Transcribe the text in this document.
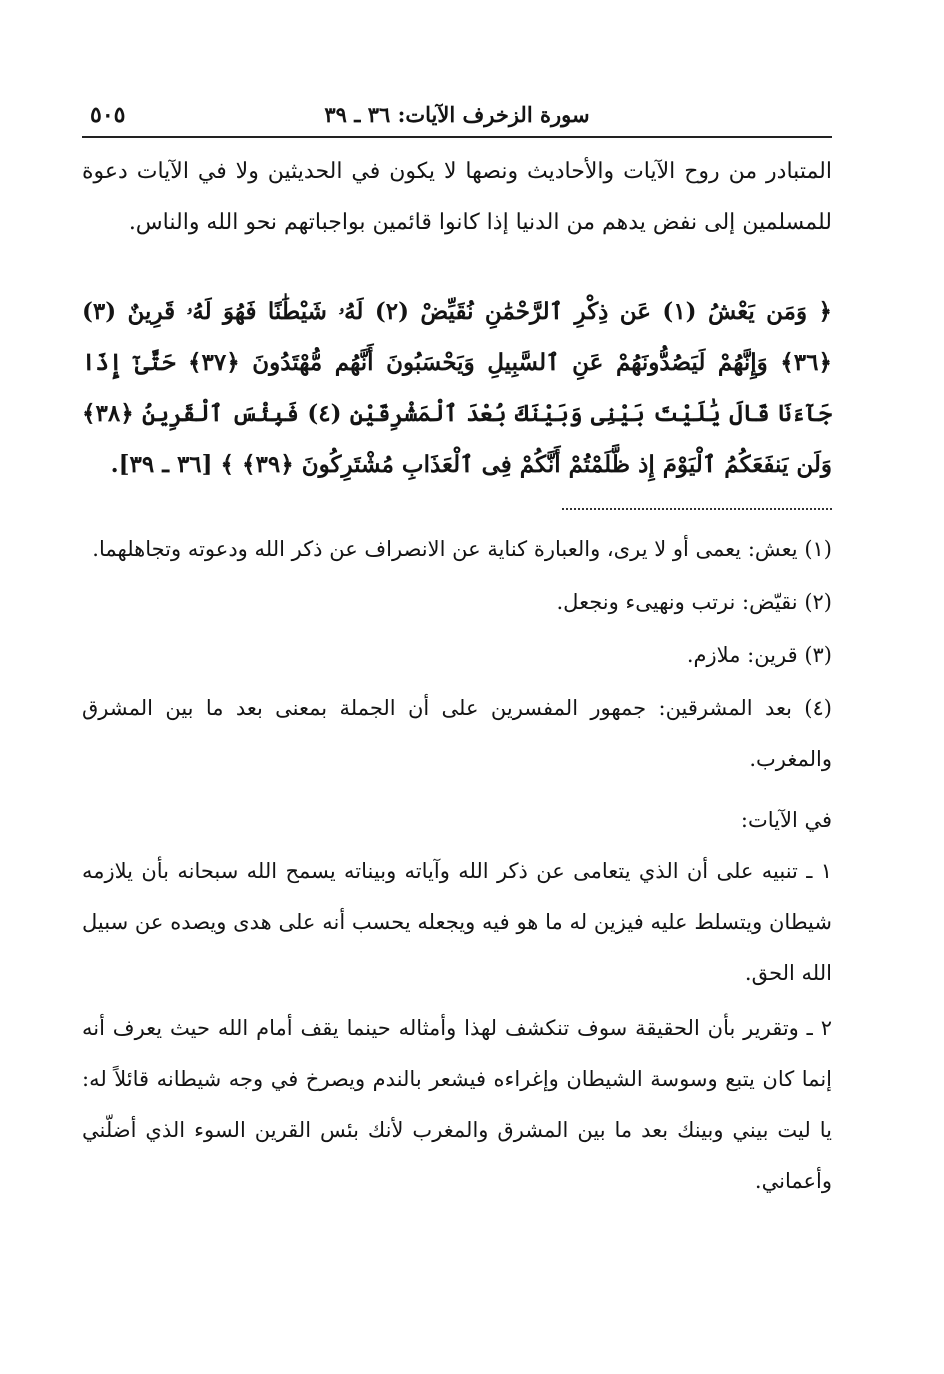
سورة الزخرف الآيات: ٣٦ ـ ٣٩
٥٠٥

المتبادر من روح الآيات والأحاديث ونصها لا يكون في الحديثين ولا في الآيات دعوة للمسلمين إلى نفض يدهم من الدنيا إذا كانوا قائمين بواجباتهم نحو الله والناس.

﴿ وَمَن يَعْشُ (١) عَن ذِكْرِ ٱلرَّحْمَٰنِ نُقَيِّضْ (٢) لَهُۥ شَيْطَٰنًا فَهُوَ لَهُۥ قَرِينٌ (٣) ﴿٣٦﴾ وَإِنَّهُمْ لَيَصُدُّونَهُمْ عَنِ ٱلسَّبِيلِ وَيَحْسَبُونَ أَنَّهُم مُّهْتَدُونَ ﴿٣٧﴾ حَتَّىٰٓ إِذَا جَآءَنَا قَالَ يَٰلَيْتَ بَيْنِى وَبَيْنَكَ بُعْدَ ٱلْمَشْرِقَيْنِ (٤) فَبِئْسَ ٱلْقَرِينُ ﴿٣٨﴾ وَلَن يَنفَعَكُمُ ٱلْيَوْمَ إِذ ظَّلَمْتُمْ أَنَّكُمْ فِى ٱلْعَذَابِ مُشْتَرِكُونَ ﴿٣٩﴾ ﴾ [٣٦ ـ ٣٩].

(١) يعش: يعمى أو لا يرى، والعبارة كناية عن الانصراف عن ذكر الله ودعوته وتجاهلهما.

(٢) نقيّض: نرتب ونهيىء ونجعل.

(٣) قرين: ملازم.

(٤) بعد المشرقين: جمهور المفسرين على أن الجملة بمعنى بعد ما بين المشرق والمغرب.

في الآيات:

١ ـ تنبيه على أن الذي يتعامى عن ذكر الله وآياته وبيناته يسمح الله سبحانه بأن يلازمه شيطان ويتسلط عليه فيزين له ما هو فيه ويجعله يحسب أنه على هدى ويصده عن سبيل الله الحق.

٢ ـ وتقرير بأن الحقيقة سوف تنكشف لهذا وأمثاله حينما يقف أمام الله حيث يعرف أنه إنما كان يتبع وسوسة الشيطان وإغراءه فيشعر بالندم ويصرخ في وجه شيطانه قائلاً له: يا ليت بيني وبينك بعد ما بين المشرق والمغرب لأنك بئس القرين السوء الذي أضلّني وأعماني.
